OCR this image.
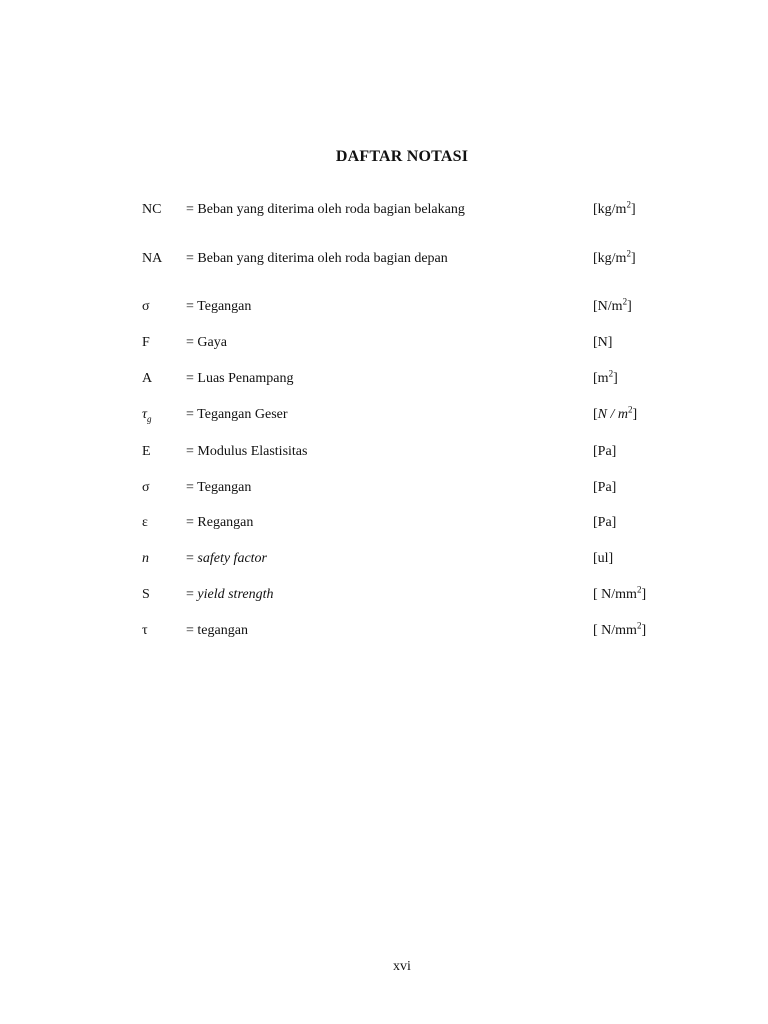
DAFTAR NOTASI
NC = Beban yang diterima oleh roda bagian belakang	$[kg/m^2]$
NA = Beban yang diterima oleh roda bagian depan	$[kg/m^2]$
σ	= Tegangan	$[N/m^2]$
F	= Gaya	[N]
A = Luas Penampang	$[m^2]$
$\tau_g$ = Tegangan Geser	$[N / m^2]$
E	= Modulus Elastisitas	[Pa]
σ	= Tegangan	[Pa]
ε	= Regangan	[Pa]
n	= safety factor	[ul]
S	= yield strength	[ $N/mm^2$]
τ	= tegangan	[ $N/mm^2$]
xvi
